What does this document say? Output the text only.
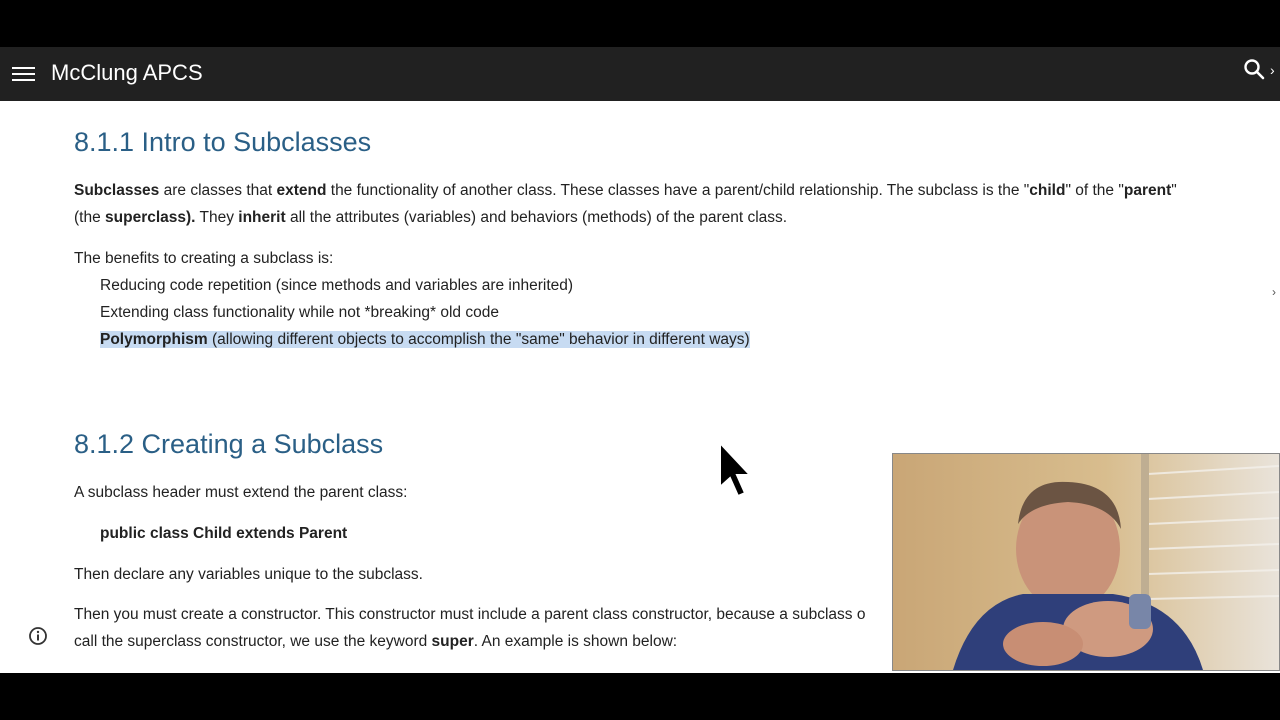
McClung APCS	›
8.1.1 Intro to Subclasses
Subclasses are classes that extend the functionality of another class. These classes have a parent/child relationship. The subclass is the "child" of the "parent"
(the superclass). They inherit all the attributes (variables) and behaviors (methods) of the parent class.
The benefits to creating a subclass is:
Reducing code repetition (since methods and variables are inherited)
Extending class functionality while not *breaking* old code
Polymorphism (allowing different objects to accomplish the "same" behavior in different ways)
8.1.2 Creating a Subclass
A subclass header must extend the parent class:
public class Child extends Parent
Then declare any variables unique to the subclass.
Then you must create a constructor. This constructor must include a parent class constructor, because a subclass o
call the superclass constructor, we use the keyword super. An example is shown below:
›
